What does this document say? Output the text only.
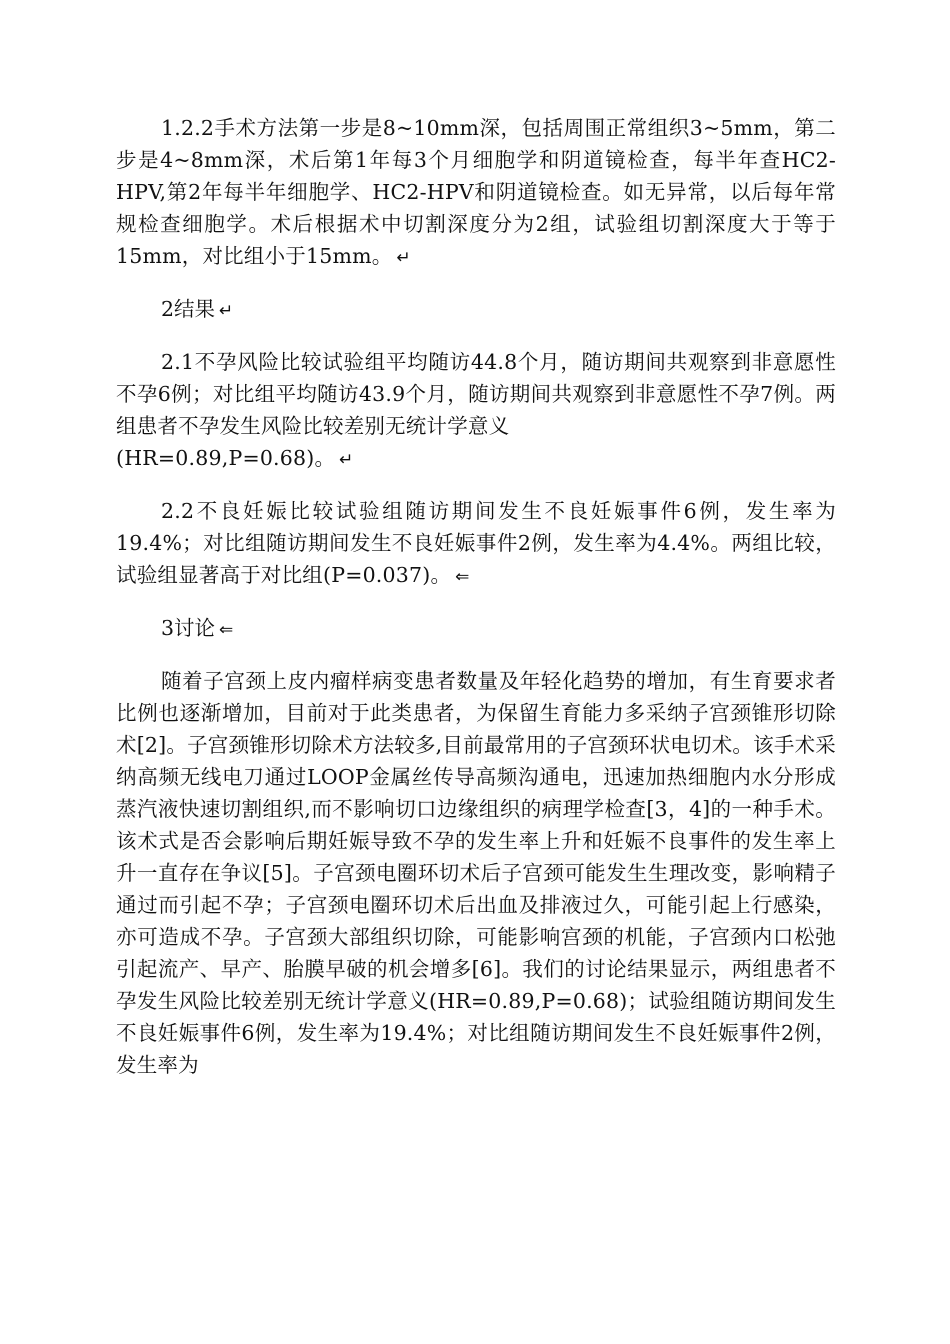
1.2.2手术方法第一步是8~10mm深，包括周围正常组织3~5mm，第二步是4~8mm深，术后第1年每3个月细胞学和阴道镜检查，每半年查HC2-HPV,第2年每半年细胞学、HC2-HPV和阴道镜检查。如无异常，以后每年常规检查细胞学。术后根据术中切割深度分为2组，试验组切割深度大于等于15mm，对比组小于15mm。 ↵

2结果 ↵

2.1不孕风险比较试验组平均随访44.8个月，随访期间共观察到非意愿性不孕6例；对比组平均随访43.9个月，随访期间共观察到非意愿性不孕7例。两组患者不孕发生风险比较差别无统计学意义
(HR=0.89,P=0.68)。 ↵

2.2不良妊娠比较试验组随访期间发生不良妊娠事件6例，发生率为19.4%；对比组随访期间发生不良妊娠事件2例，发生率为4.4%。两组比较，试验组显著高于对比组(P=0.037)。 ⇐

3讨论 ⇐

随着子宫颈上皮内瘤样病变患者数量及年轻化趋势的增加，有生育要求者比例也逐渐增加，目前对于此类患者，为保留生育能力多采纳子宫颈锥形切除术[2]。子宫颈锥形切除术方法较多,目前最常用的子宫颈环状电切术。该手术采纳高频无线电刀通过LOOP金属丝传导高频沟通电，迅速加热细胞内水分形成蒸汽液快速切割组织,而不影响切口边缘组织的病理学检查[3，4]的一种手术。该术式是否会影响后期妊娠导致不孕的发生率上升和妊娠不良事件的发生率上升一直存在争议[5]。子宫颈电圈环切术后子宫颈可能发生生理改变，影响精子通过而引起不孕；子宫颈电圈环切术后出血及排液过久，可能引起上行感染，亦可造成不孕。子宫颈大部组织切除，可能影响宫颈的机能，子宫颈内口松弛引起流产、早产、胎膜早破的机会增多[6]。我们的讨论结果显示，两组患者不孕发生风险比较差别无统计学意义(HR=0.89,P=0.68)；试验组随访期间发生不良妊娠事件6例，发生率为19.4%；对比组随访期间发生不良妊娠事件2例，发生率为
